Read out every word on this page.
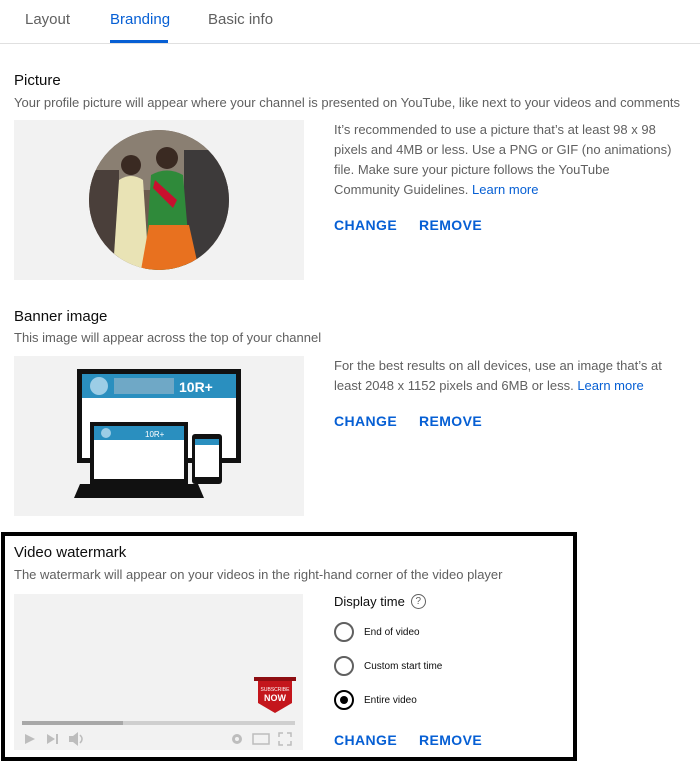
Layout	Branding	Basic info
Picture
Your profile picture will appear where your channel is presented on YouTube, like next to your videos and comments
It’s recommended to use a picture that’s at least 98 x 98 pixels and 4MB or less. Use a PNG or GIF (no animations) file. Make sure your picture follows the YouTube Community Guidelines. Learn more
CHANGE REMOVE
Banner image
This image will appear across the top of your channel
10R+
10R+
For the best results on all devices, use an image that’s at least 2048 x 1152 pixels and 6MB or less. Learn more
CHANGE REMOVE
Video watermark
The watermark will appear on your videos in the right-hand corner of the video player
SUBSCRIBE
NOW
Display time	?
End of video
Custom start time
Entire video
CHANGE REMOVE
